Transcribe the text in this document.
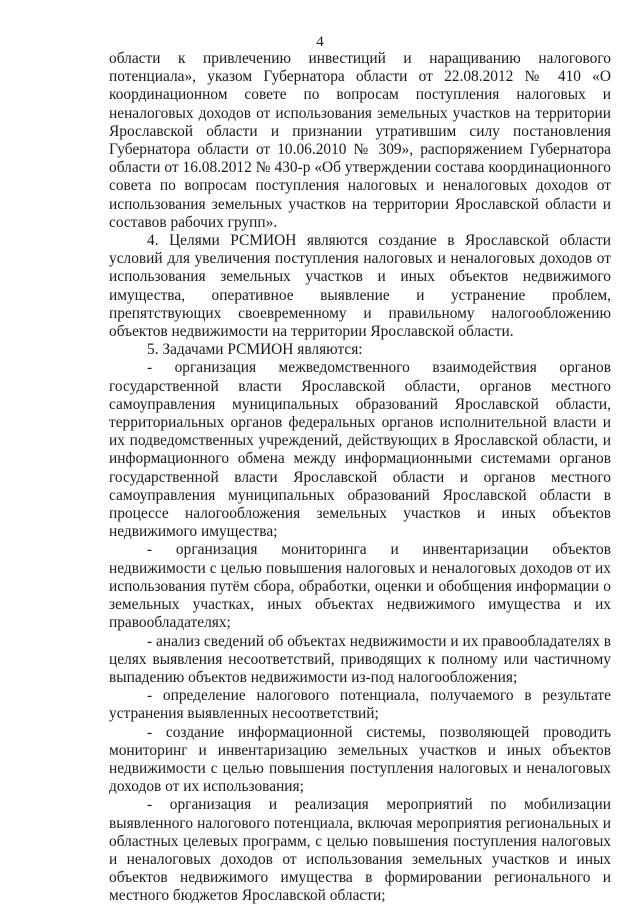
4

области к привлечению инвестиций и наращиванию налогового потенциала», указом Губернатора области от 22.08.2012 № 410 «О координационном совете по вопросам поступления налоговых и неналоговых доходов от использования земельных участков на территории Ярославской области и признании утратившим силу постановления Губернатора области от 10.06.2010 № 309», распоряжением Губернатора области от 16.08.2012 № 430-р «Об утверждении состава координационного совета по вопросам поступления налоговых и неналоговых доходов от использования земельных участков на территории Ярославской области и составов рабочих групп».

4. Целями РСМИОН являются создание в Ярославской области условий для увеличения поступления налоговых и неналоговых доходов от использования земельных участков и иных объектов недвижимого имущества, оперативное выявление и устранение проблем, препятствующих своевременному и правильному налогообложению объектов недвижимости на территории Ярославской области.

5. Задачами РСМИОН являются:

- организация межведомственного взаимодействия органов государственной власти Ярославской области, органов местного самоуправления муниципальных образований Ярославской области, территориальных органов федеральных органов исполнительной власти и их подведомственных учреждений, действующих в Ярославской области, и информационного обмена между информационными системами органов государственной власти Ярославской области и органов местного самоуправления муниципальных образований Ярославской области в процессе налогообложения земельных участков и иных объектов недвижимого имущества;

- организация мониторинга и инвентаризации объектов недвижимости с целью повышения налоговых и неналоговых доходов от их использования путём сбора, обработки, оценки и обобщения информации о земельных участках, иных объектах недвижимого имущества и их правообладателях;

- анализ сведений об объектах недвижимости и их правообладателях в целях выявления несоответствий, приводящих к полному или частичному выпадению объектов недвижимости из-под налогообложения;

- определение налогового потенциала, получаемого в результате устранения выявленных несоответствий;

- создание информационной системы, позволяющей проводить мониторинг и инвентаризацию земельных участков и иных объектов недвижимости с целью повышения поступления налоговых и неналоговых доходов от их использования;

- организация и реализация мероприятий по мобилизации выявленного налогового потенциала, включая мероприятия региональных и областных целевых программ, с целью повышения поступления налоговых и неналоговых доходов от использования земельных участков и иных объектов недвижимого имущества в формировании регионального и местного бюджетов Ярославской области;
